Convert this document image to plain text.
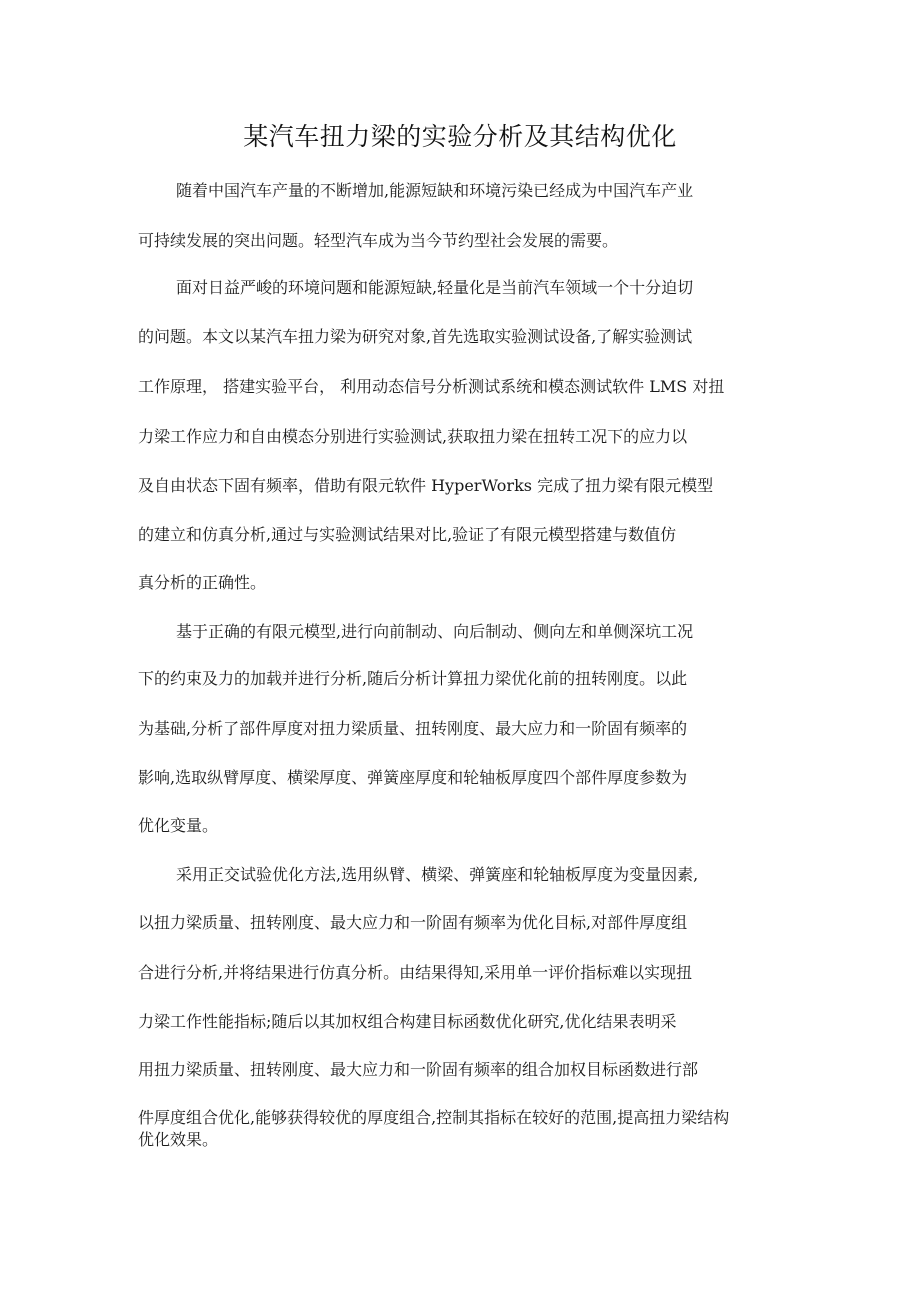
某汽车扭力梁的实验分析及其结构优化
随着中国汽车产量的不断增加,能源短缺和环境污染已经成为中国汽车产业
可持续发展的突出问题。轻型汽车成为当今节约型社会发展的需要。
面对日益严峻的环境问题和能源短缺,轻量化是当前汽车领域一个十分迫切
的问题。本文以某汽车扭力梁为研究对象,首先选取实验测试设备,了解实验测试
工作原理， 搭建实验平台， 利用动态信号分析测试系统和模态测试软件 LMS 对扭
力梁工作应力和自由模态分别进行实验测试,获取扭力梁在扭转工况下的应力以
及自由状态下固有频率，借助有限元软件 HyperWorks 完成了扭力梁有限元模型
的建立和仿真分析,通过与实验测试结果对比,验证了有限元模型搭建与数值仿
真分析的正确性。
基于正确的有限元模型,进行向前制动、向后制动、侧向左和单侧深坑工况
下的约束及力的加载并进行分析,随后分析计算扭力梁优化前的扭转刚度。以此
为基础,分析了部件厚度对扭力梁质量、扭转刚度、最大应力和一阶固有频率的
影响,选取纵臂厚度、横梁厚度、弹簧座厚度和轮轴板厚度四个部件厚度参数为
优化变量。
采用正交试验优化方法,选用纵臂、横梁、弹簧座和轮轴板厚度为变量因素,
以扭力梁质量、扭转刚度、最大应力和一阶固有频率为优化目标,对部件厚度组
合进行分析,并将结果进行仿真分析。由结果得知,采用单一评价指标难以实现扭
力梁工作性能指标;随后以其加权组合构建目标函数优化研究,优化结果表明采
用扭力梁质量、扭转刚度、最大应力和一阶固有频率的组合加权目标函数进行部
件厚度组合优化,能够获得较优的厚度组合,控制其指标在较好的范围,提高扭力梁结构
优化效果。
